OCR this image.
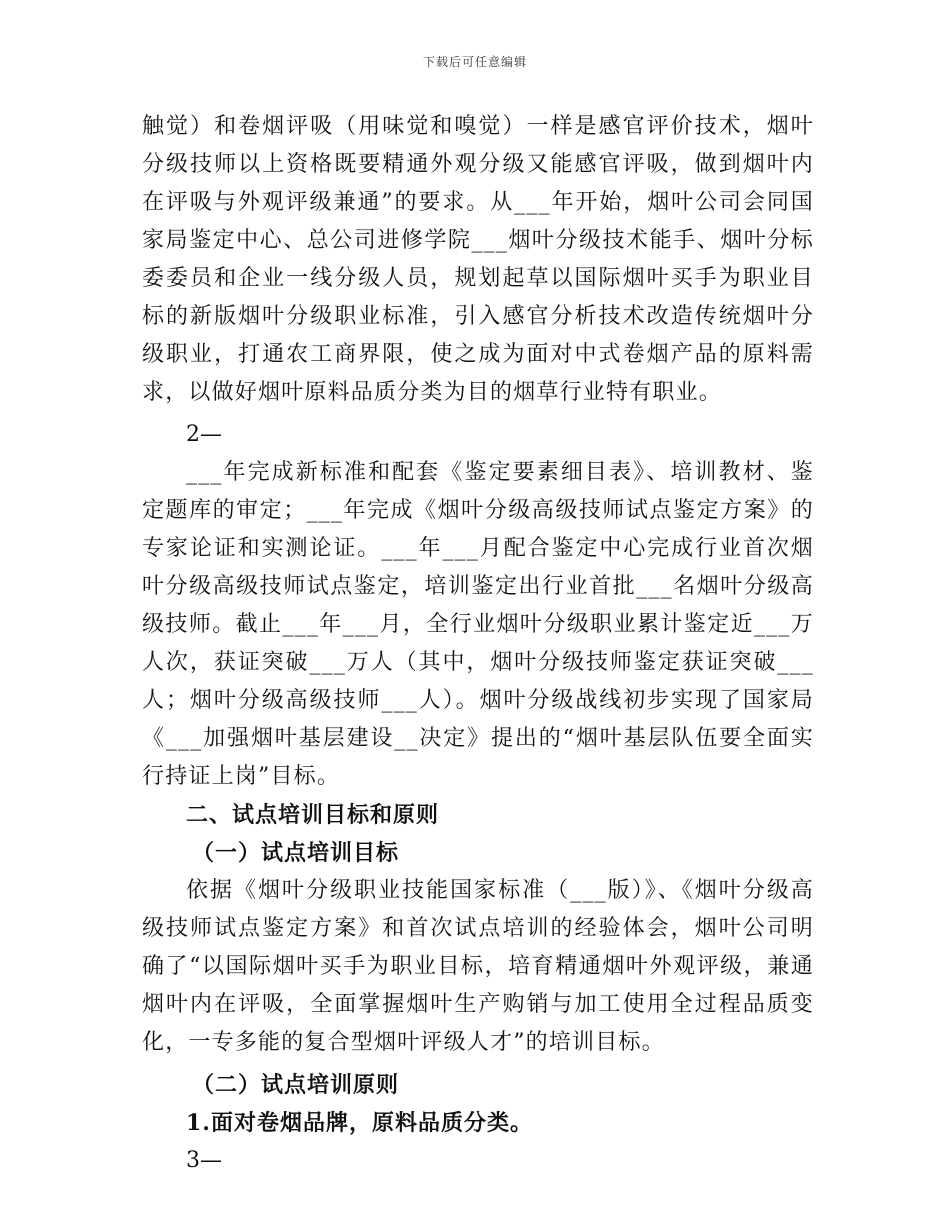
下载后可任意编辑

触觉）和卷烟评吸（用味觉和嗅觉）一样是感官评价技术，烟叶分级技师以上资格既要精通外观分级又能感官评吸，做到烟叶内在评吸与外观评级兼通”的要求。从___年开始，烟叶公司会同国家局鉴定中心、总公司进修学院___烟叶分级技术能手、烟叶分标委委员和企业一线分级人员，规划起草以国际烟叶买手为职业目标的新版烟叶分级职业标准，引入感官分析技术改造传统烟叶分级职业，打通农工商界限，使之成为面对中式卷烟产品的原料需求，以做好烟叶原料品质分类为目的烟草行业特有职业。

2—

___年完成新标准和配套《鉴定要素细目表》、培训教材、鉴定题库的审定；___年完成《烟叶分级高级技师试点鉴定方案》的专家论证和实测论证。___年___月配合鉴定中心完成行业首次烟叶分级高级技师试点鉴定，培训鉴定出行业首批___名烟叶分级高级技师。截止___年___月，全行业烟叶分级职业累计鉴定近___万人次，获证突破___万人（其中，烟叶分级技师鉴定获证突破___人；烟叶分级高级技师___人）。烟叶分级战线初步实现了国家局《___加强烟叶基层建设__决定》提出的“烟叶基层队伍要全面实行持证上岗”目标。

二、试点培训目标和原则

（一）试点培训目标

依据《烟叶分级职业技能国家标准（___版）》、《烟叶分级高级技师试点鉴定方案》和首次试点培训的经验体会，烟叶公司明确了“以国际烟叶买手为职业目标，培育精通烟叶外观评级，兼通烟叶内在评吸，全面掌握烟叶生产购销与加工使用全过程品质变化，一专多能的复合型烟叶评级人才”的培训目标。

（二）试点培训原则

1.面对卷烟品牌，原料品质分类。

3—
